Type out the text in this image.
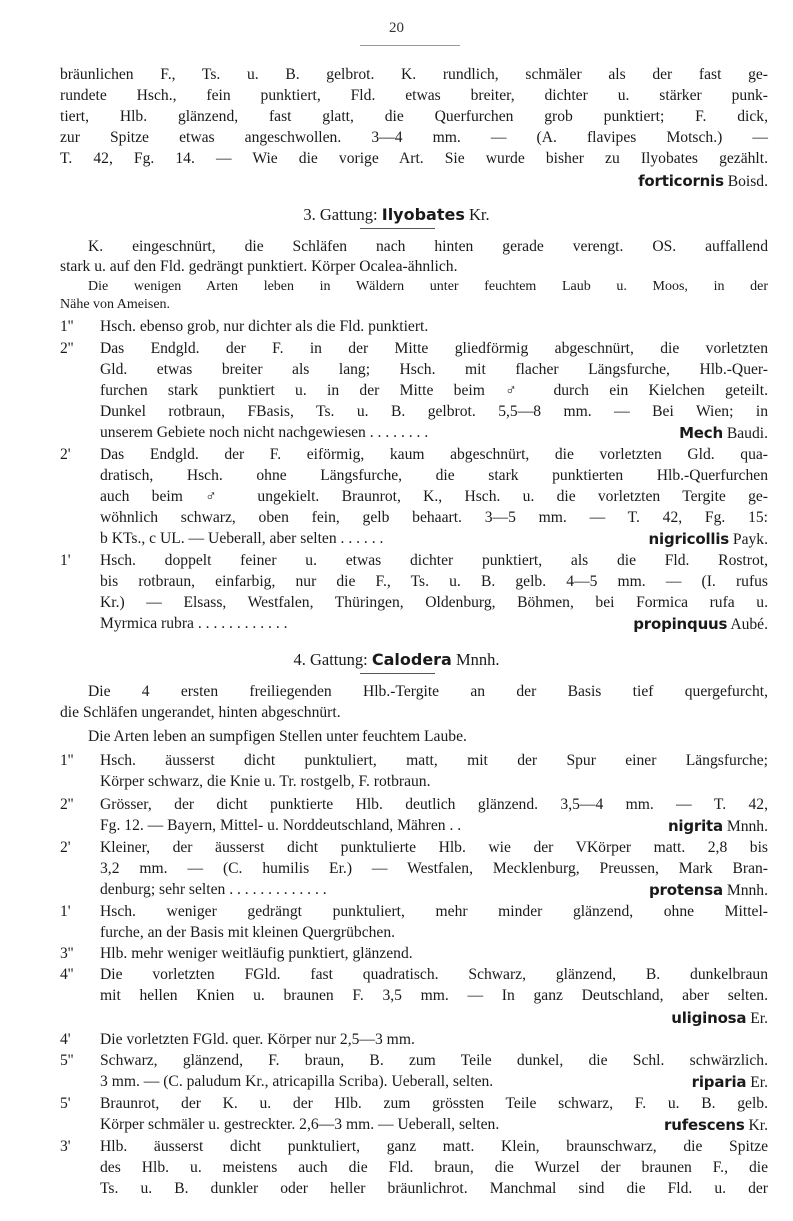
20
bräunlichen F., Ts. u. B. gelbrot. K. rundlich, schmäler als der fast ge-
rundete Hsch., fein punktiert, Fld. etwas breiter, dichter u. stärker punk-
tiert, Hlb. glänzend, fast glatt, die Querfurchen grob punktiert; F. dick,
zur Spitze etwas angeschwollen. 3—4 mm. — (A. flavipes Motsch.) —
T. 42, Fg. 14. — Wie die vorige Art. Sie wurde bisher zu Ilyobates gezählt.
forticornis Boisd.
3. Gattung: Ilyobates Kr.
K. eingeschnürt, die Schläfen nach hinten gerade verengt. OS. auffallend
stark u. auf den Fld. gedrängt punktiert. Körper Ocalea-ähnlich.
Die wenigen Arten leben in Wäldern unter feuchtem Laub u. Moos, in der
Nähe von Ameisen.
1''	Hsch. ebenso grob, nur dichter als die Fld. punktiert.
2''	Das Endgld. der F. in der Mitte gliedförmig abgeschnürt, die vorletzten
Gld. etwas breiter als lang; Hsch. mit flacher Längsfurche, Hlb.-Quer-
furchen stark punktiert u. in der Mitte beim ♂ durch ein Kielchen geteilt.
Dunkel rotbraun, FBasis, Ts. u. B. gelbrot. 5,5—8 mm. — Bei Wien; in
unserem Gebiete noch nicht nachgewiesen . . . . . . . .	Mech Baudi.
2'	Das Endgld. der F. eiförmig, kaum abgeschnürt, die vorletzten Gld. qua-
dratisch, Hsch. ohne Längsfurche, die stark punktierten Hlb.-Querfurchen
auch beim ♂ ungekielt. Braunrot, K., Hsch. u. die vorletzten Tergite ge-
wöhnlich schwarz, oben fein, gelb behaart. 3—5 mm. — T. 42, Fg. 15:
b KTs., c UL. — Ueberall, aber selten . . . . . .	nigricollis Payk.
1'	Hsch. doppelt feiner u. etwas dichter punktiert, als die Fld. Rostrot,
bis rotbraun, einfarbig, nur die F., Ts. u. B. gelb. 4—5 mm. — (I. rufus
Kr.) — Elsass, Westfalen, Thüringen, Oldenburg, Böhmen, bei Formica rufa u.
Myrmica rubra . . . . . . . . . . . .	propinquus Aubé.
4. Gattung: Calodera Mnnh.
Die 4 ersten freiliegenden Hlb.-Tergite an der Basis tief quergefurcht,
die Schläfen ungerandet, hinten abgeschnürt.
Die Arten leben an sumpfigen Stellen unter feuchtem Laube.
1''	Hsch. äusserst dicht punktuliert, matt, mit der Spur einer Längsfurche;
Körper schwarz, die Knie u. Tr. rostgelb, F. rotbraun.
2''	Grösser, der dicht punktierte Hlb. deutlich glänzend. 3,5—4 mm. — T. 42,
Fg. 12. — Bayern, Mittel- u. Norddeutschland, Mähren . .	nigrita Mnnh.
2'	Kleiner, der äusserst dicht punktulierte Hlb. wie der VKörper matt. 2,8 bis
3,2 mm. — (C. humilis Er.) — Westfalen, Mecklenburg, Preussen, Mark Bran-
denburg; sehr selten . . . . . . . . . . . . .	protensa Mnnh.
1'	Hsch. weniger gedrängt punktuliert, mehr minder glänzend, ohne Mittel-
furche, an der Basis mit kleinen Quergrübchen.
3''	Hlb. mehr weniger weitläufig punktiert, glänzend.
4''	Die vorletzten FGld. fast quadratisch. Schwarz, glänzend, B. dunkelbraun
mit hellen Knien u. braunen F. 3,5 mm. — In ganz Deutschland, aber selten.
uliginosa Er.
4'	Die vorletzten FGld. quer. Körper nur 2,5—3 mm.
5''	Schwarz, glänzend, F. braun, B. zum Teile dunkel, die Schl. schwärzlich.
3 mm. — (C. paludum Kr., atricapilla Scriba). Ueberall, selten.	riparia Er.
5'	Braunrot, der K. u. der Hlb. zum grössten Teile schwarz, F. u. B. gelb.
Körper schmäler u. gestreckter. 2,6—3 mm. — Ueberall, selten.	rufescens Kr.
3'	Hlb. äusserst dicht punktuliert, ganz matt. Klein, braunschwarz, die Spitze
des Hlb. u. meistens auch die Fld. braun, die Wurzel der braunen F., die
Ts. u. B. dunkler oder heller bräunlichrot. Manchmal sind die Fld. u. der
